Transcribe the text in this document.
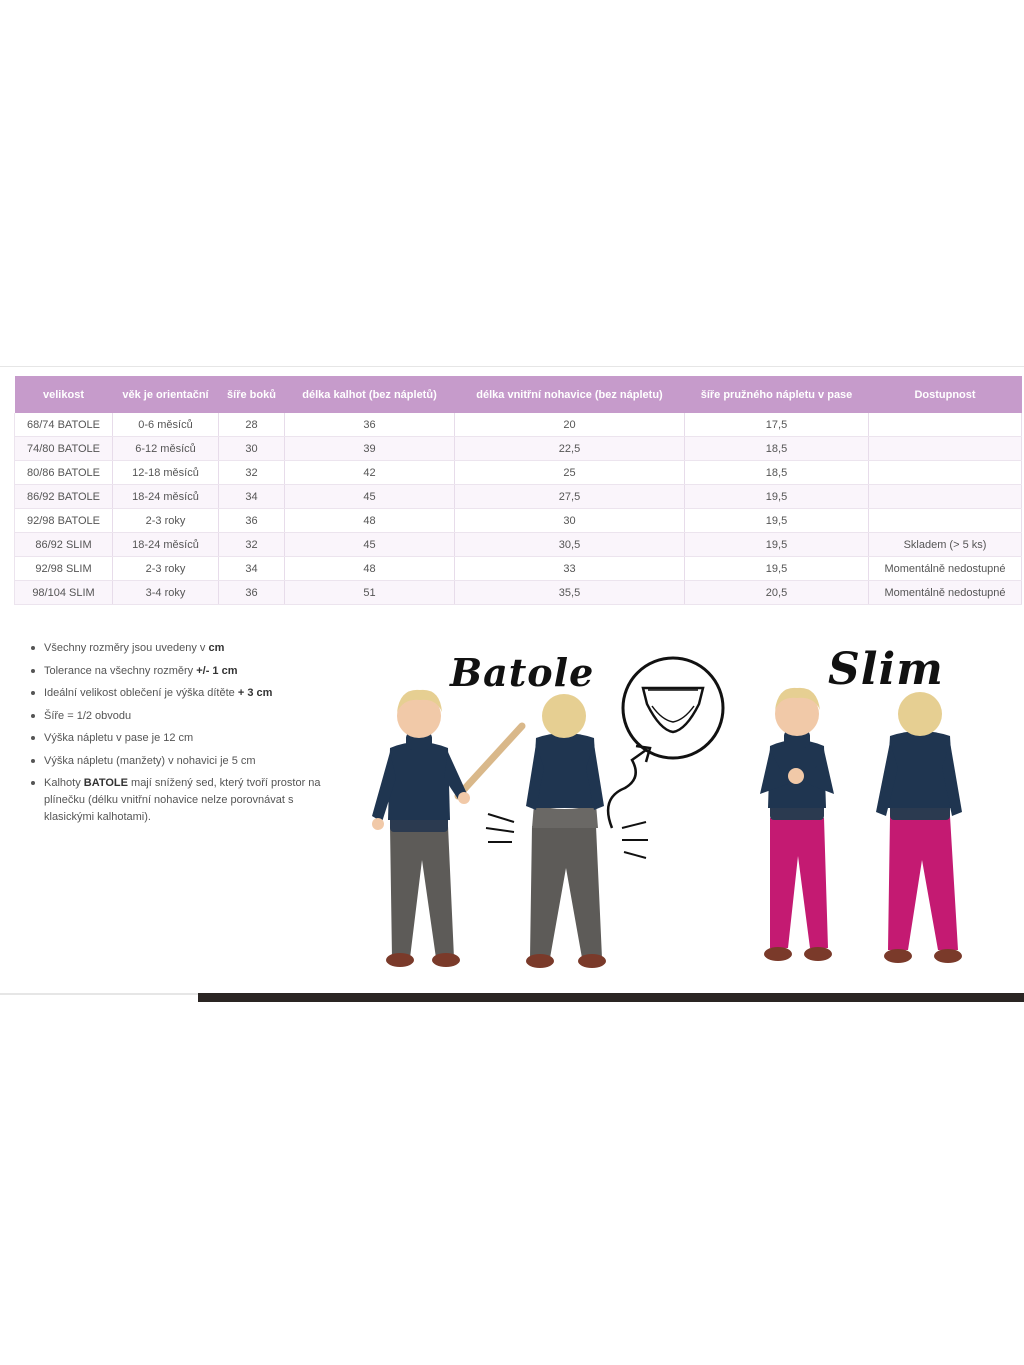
velikost	věk je orientační	šíře boků	délka kalhot (bez nápletů)	délka vnitřní nohavice (bez nápletu)	šíře pružného nápletu v pase	Dostupnost
68/74 BATOLE	0-6 měsíců	28	36	20	17,5	
74/80 BATOLE	6-12 měsíců	30	39	22,5	18,5	
80/86 BATOLE	12-18 měsíců	32	42	25	18,5	
86/92 BATOLE	18-24 měsíců	34	45	27,5	19,5	
92/98 BATOLE	2-3 roky	36	48	30	19,5	
86/92 SLIM	18-24 měsíců	32	45	30,5	19,5	Skladem (> 5 ks)
92/98 SLIM	2-3 roky	34	48	33	19,5	Momentálně nedostupné
98/104 SLIM	3-4 roky	36	51	35,5	20,5	Momentálně nedostupné
Všechny rozměry jsou uvedeny v cm
Tolerance na všechny rozměry +/- 1 cm
Ideální velikost oblečení je výška dítěte + 3 cm
Šíře = 1/2 obvodu
Výška nápletu v pase je 12 cm
Výška nápletu (manžety) v nohavici je 5 cm
Kalhoty BATOLE mají snížený sed, který tvoří prostor na plínečku (délku vnitřní nohavice nelze porovnávat s klasickými kalhotami).
Batole	Slim
